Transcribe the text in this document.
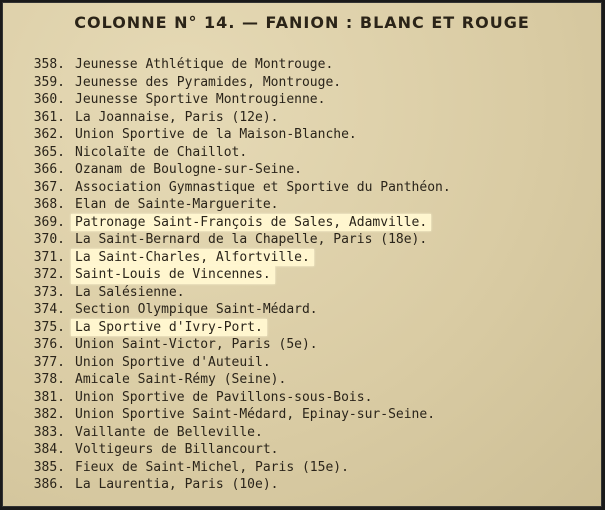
COLONNE N° 14. — FANION : BLANC ET ROUGE
358. Jeunesse Athlétique de Montrouge.
359. Jeunesse des Pyramides, Montrouge.
360. Jeunesse Sportive Montrougienne.
361. La Joannaise, Paris (12e).
362. Union Sportive de la Maison-Blanche.
365. Nicolaïte de Chaillot.
366. Ozanam de Boulogne-sur-Seine.
367. Association Gymnastique et Sportive du Panthéon.
368. Elan de Sainte-Marguerite.
369. Patronage Saint-François de Sales, Adamville.
370. La Saint-Bernard de la Chapelle, Paris (18e).
371. La Saint-Charles, Alfortville.
372. Saint-Louis de Vincennes.
373. La Salésienne.
374. Section Olympique Saint-Médard.
375. La Sportive d'Ivry-Port.
376. Union Saint-Victor, Paris (5e).
377. Union Sportive d'Auteuil.
378. Amicale Saint-Rémy (Seine).
381. Union Sportive de Pavillons-sous-Bois.
382. Union Sportive Saint-Médard, Epinay-sur-Seine.
383. Vaillante de Belleville.
384. Voltigeurs de Billancourt.
385. Fieux de Saint-Michel, Paris (15e).
386. La Laurentia, Paris (10e).
